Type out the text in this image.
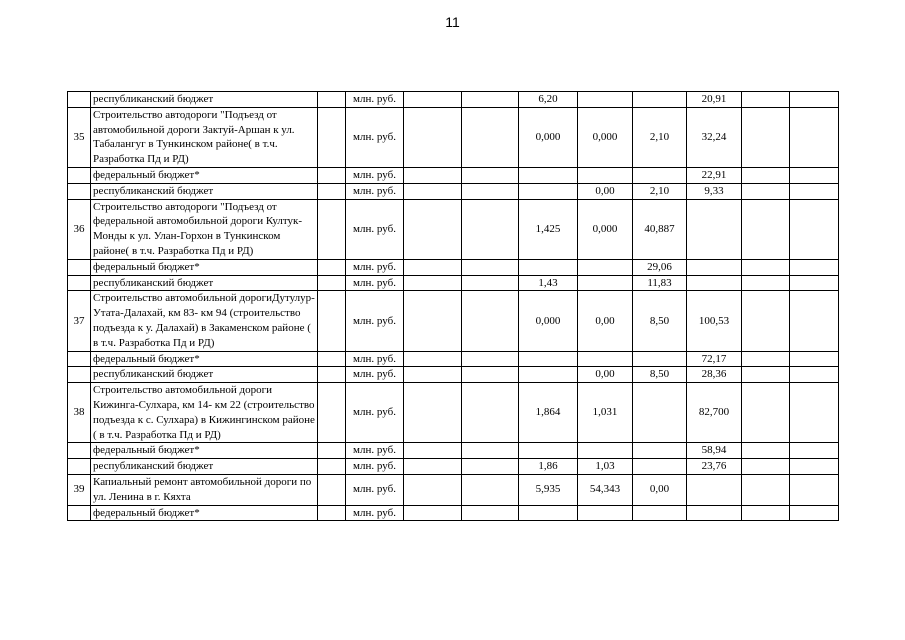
11
	республиканский бюджет		млн. руб.			6,20			20,91		
35	Строительство автодороги "Подъезд от автомобильной дороги Зактуй-Аршан к ул. Табалангуг в Тункинском районе( в т.ч. Разработка Пд и РД)		млн. руб.			0,000	0,000	2,10	32,24		
	федеральный бюджет*		млн. руб.						22,91		
	республиканский бюджет		млн. руб.				0,00	2,10	9,33		
36	Строительство автодороги "Подъезд от федеральной автомобильной дороги Култук-Монды к ул. Улан-Горхон в Тункинском районе( в т.ч. Разработка Пд и РД)		млн. руб.			1,425	0,000	40,887			
	федеральный бюджет*		млн. руб.					29,06			
	республиканский бюджет		млн. руб.			1,43		11,83			
37	Строительство автомобильной дорогиДутулур-Утата-Далахай, км 83- км 94 (строительство подъезда к у. Далахай) в Закаменском районе ( в т.ч. Разработка Пд и РД)		млн. руб.			0,000	0,00	8,50	100,53		
	федеральный бюджет*		млн. руб.						72,17		
	республиканский бюджет		млн. руб.				0,00	8,50	28,36		
38	Строительство автомобильной дороги Кижинга-Сулхара, км 14- км 22 (строительство подъезда к с. Сулхара) в Кижингинском районе ( в т.ч. Разработка Пд и РД)		млн. руб.			1,864	1,031		82,700		
	федеральный бюджет*		млн. руб.						58,94		
	республиканский бюджет		млн. руб.			1,86	1,03		23,76		
39	Капиальный ремонт автомобильной дороги по ул. Ленина в г. Кяхта		млн. руб.			5,935	54,343	0,00			
	федеральный бюджет*		млн. руб.								
